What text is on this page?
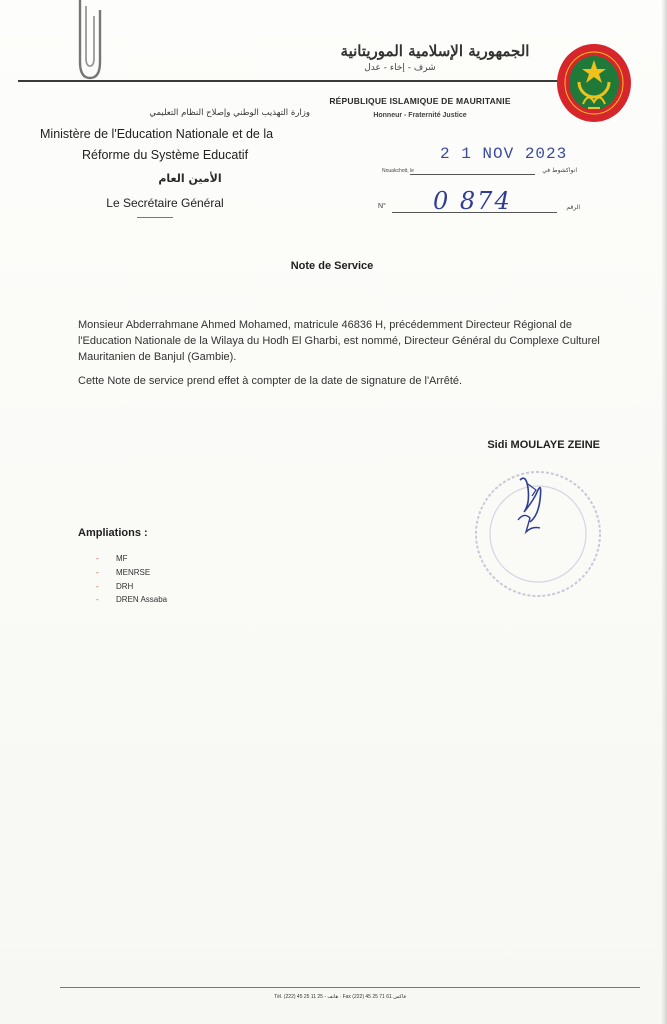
الجمهورية الإسلامية الموريتانية
شرف - إخاء - عدل
RÉPUBLIQUE ISLAMIQUE DE MAURITANIE
Honneur - Fraternité Justice
وزارة التهذيب الوطني وإصلاح النظام التعليمي
Ministère de l'Education Nationale et de la
Réforme du Système Educatif
الأمين العام
Le Secrétaire Général
Nouakchott, le
2 1 NOV 2023
انواكشوط في
N° 0 874	الرقم
Note de Service

Monsieur Abderrahmane Ahmed Mohamed, matricule 46836 H, précédemment Directeur Régional de l'Education Nationale de la Wilaya du Hodh El Gharbi, est nommé, Directeur Général du Complexe Culturel Mauritanien de Banjul (Gambie).

Cette Note de service prend effet à compter de la date de signature de l'Arrêté.

Sidi MOULAYE ZEINE
Ampliations :
- MF
- MENRSE
- DRH
- DREN Assaba
Tél. (222) 45 25 11 25 - هاتف · Fax (222) 45 25 71 61 فاكس
